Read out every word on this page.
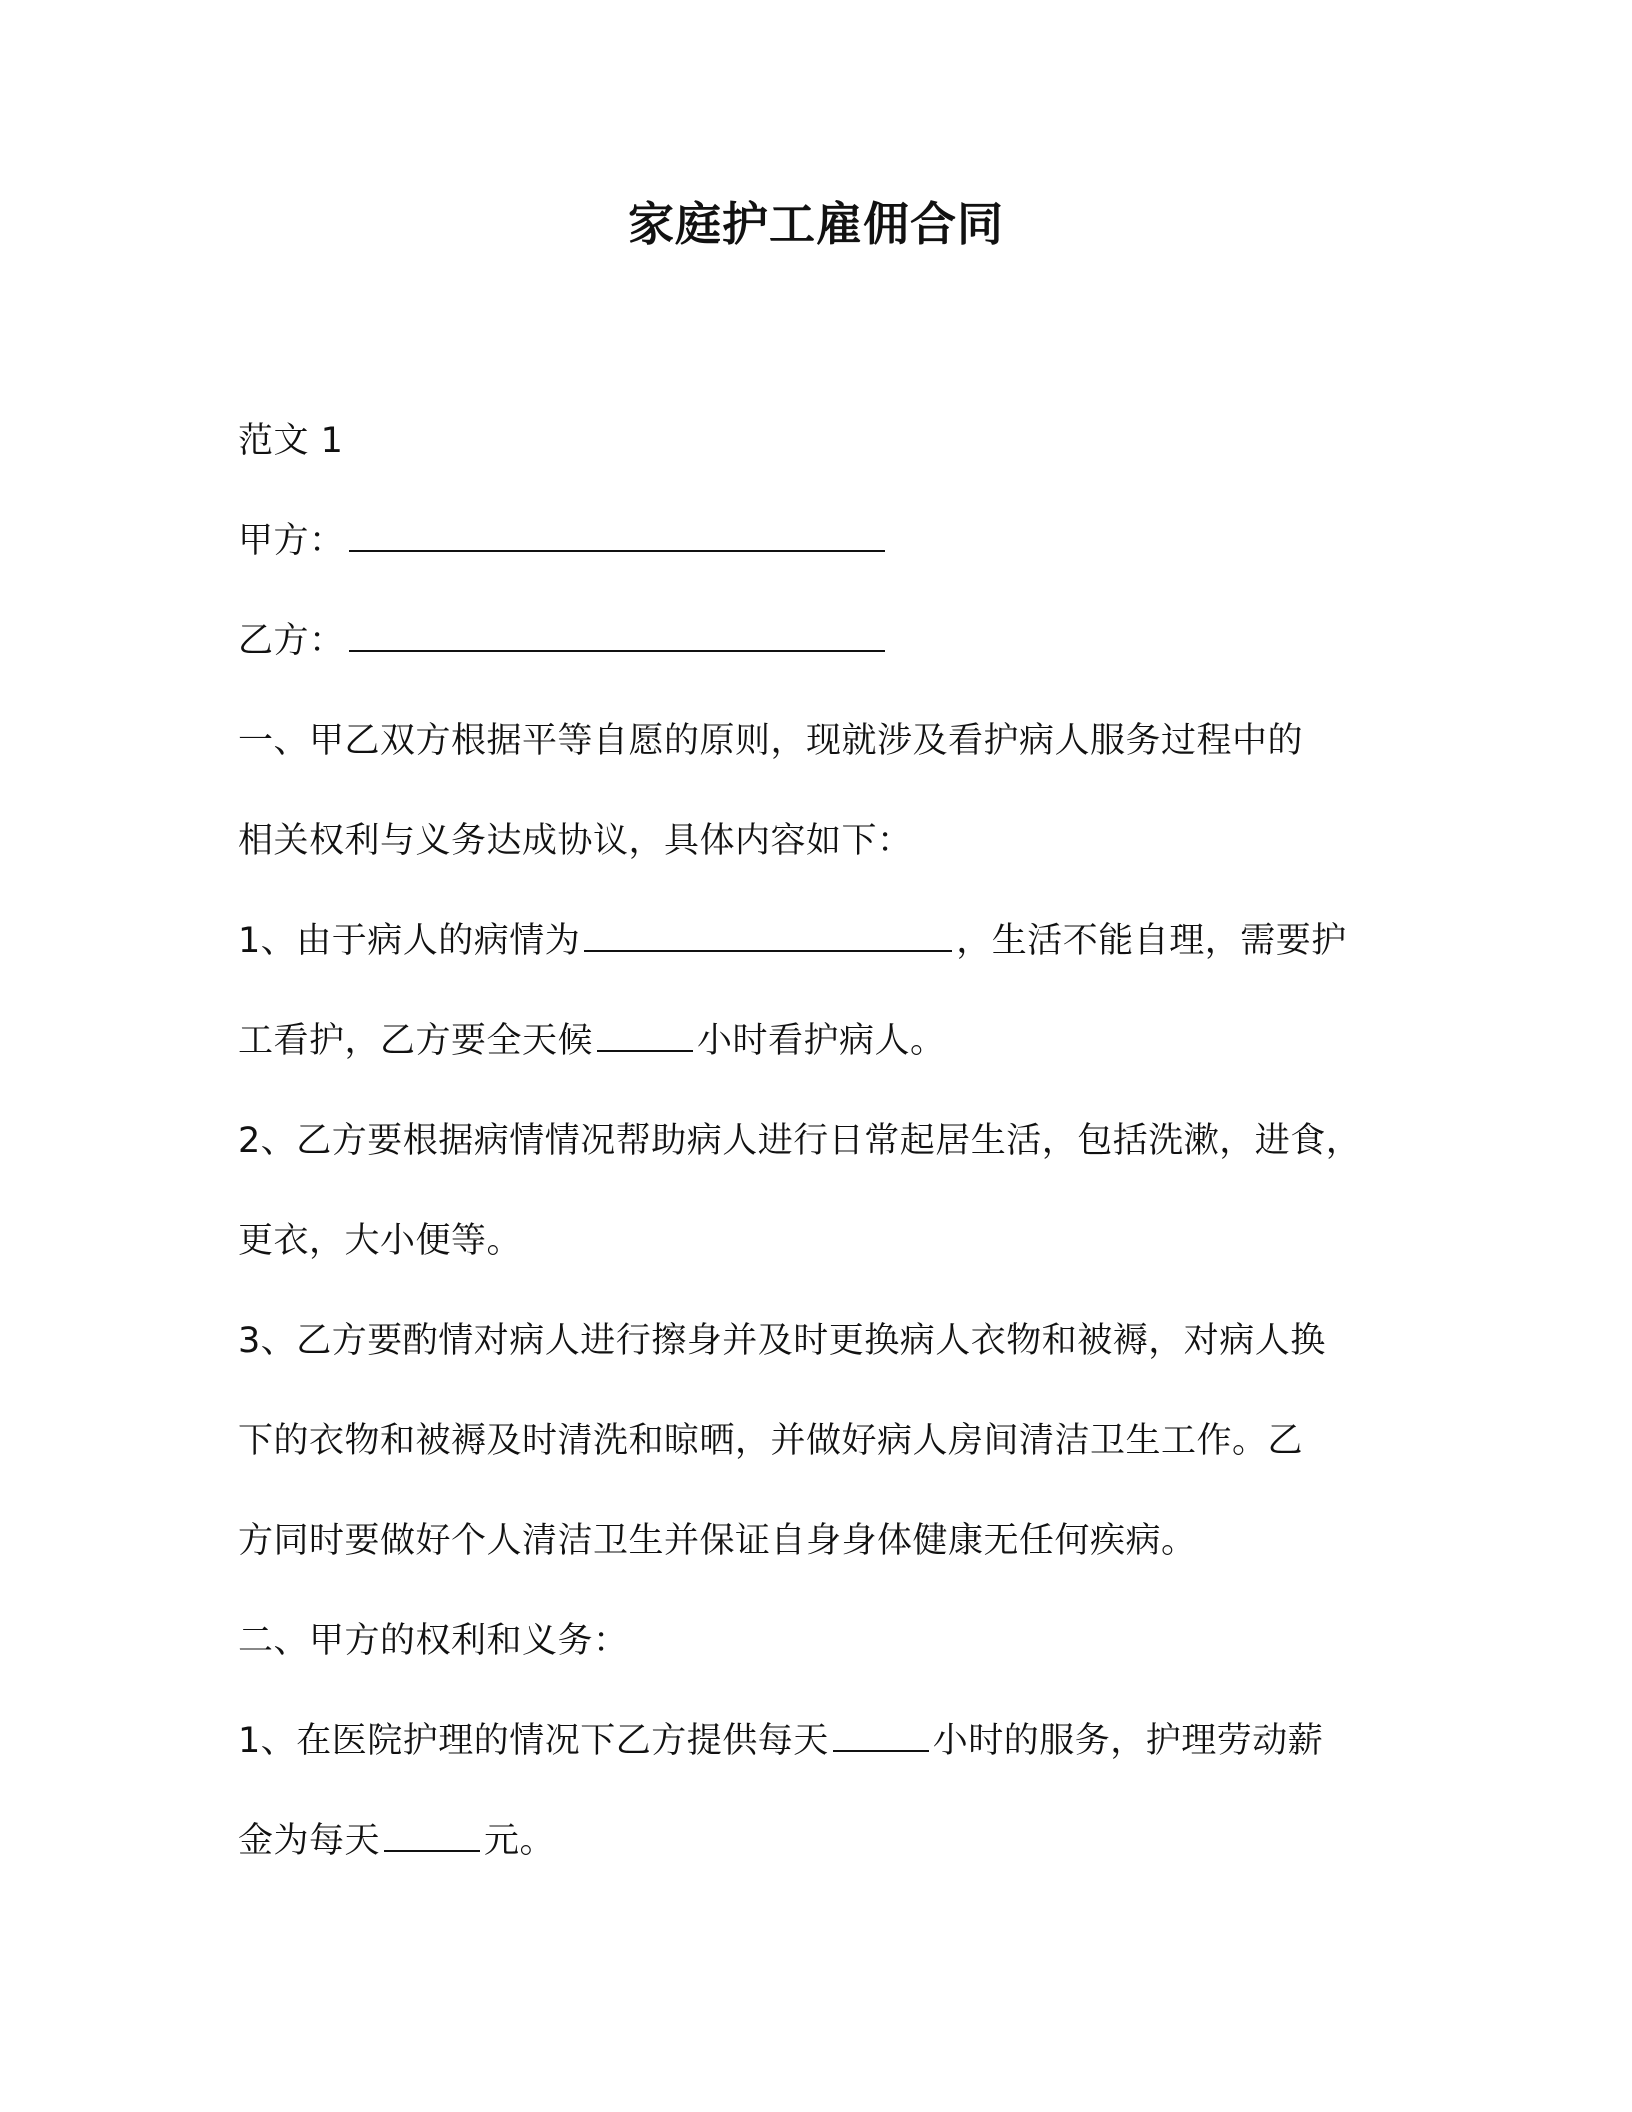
家庭护工雇佣合同
范文 1
甲方：
乙方：
一、甲乙双方根据平等自愿的原则，现就涉及看护病人服务过程中的
相关权利与义务达成协议，具体内容如下：
1、由于病人的病情为	，生活不能自理，需要护
工看护，乙方要全天候	小时看护病人。
2、乙方要根据病情情况帮助病人进行日常起居生活，包括洗漱，进食，
更衣，大小便等。
3、乙方要酌情对病人进行擦身并及时更换病人衣物和被褥，对病人换
下的衣物和被褥及时清洗和晾晒，并做好病人房间清洁卫生工作。乙
方同时要做好个人清洁卫生并保证自身身体健康无任何疾病。
二、甲方的权利和义务：
1、在医院护理的情况下乙方提供每天	小时的服务，护理劳动薪
金为每天	元。
